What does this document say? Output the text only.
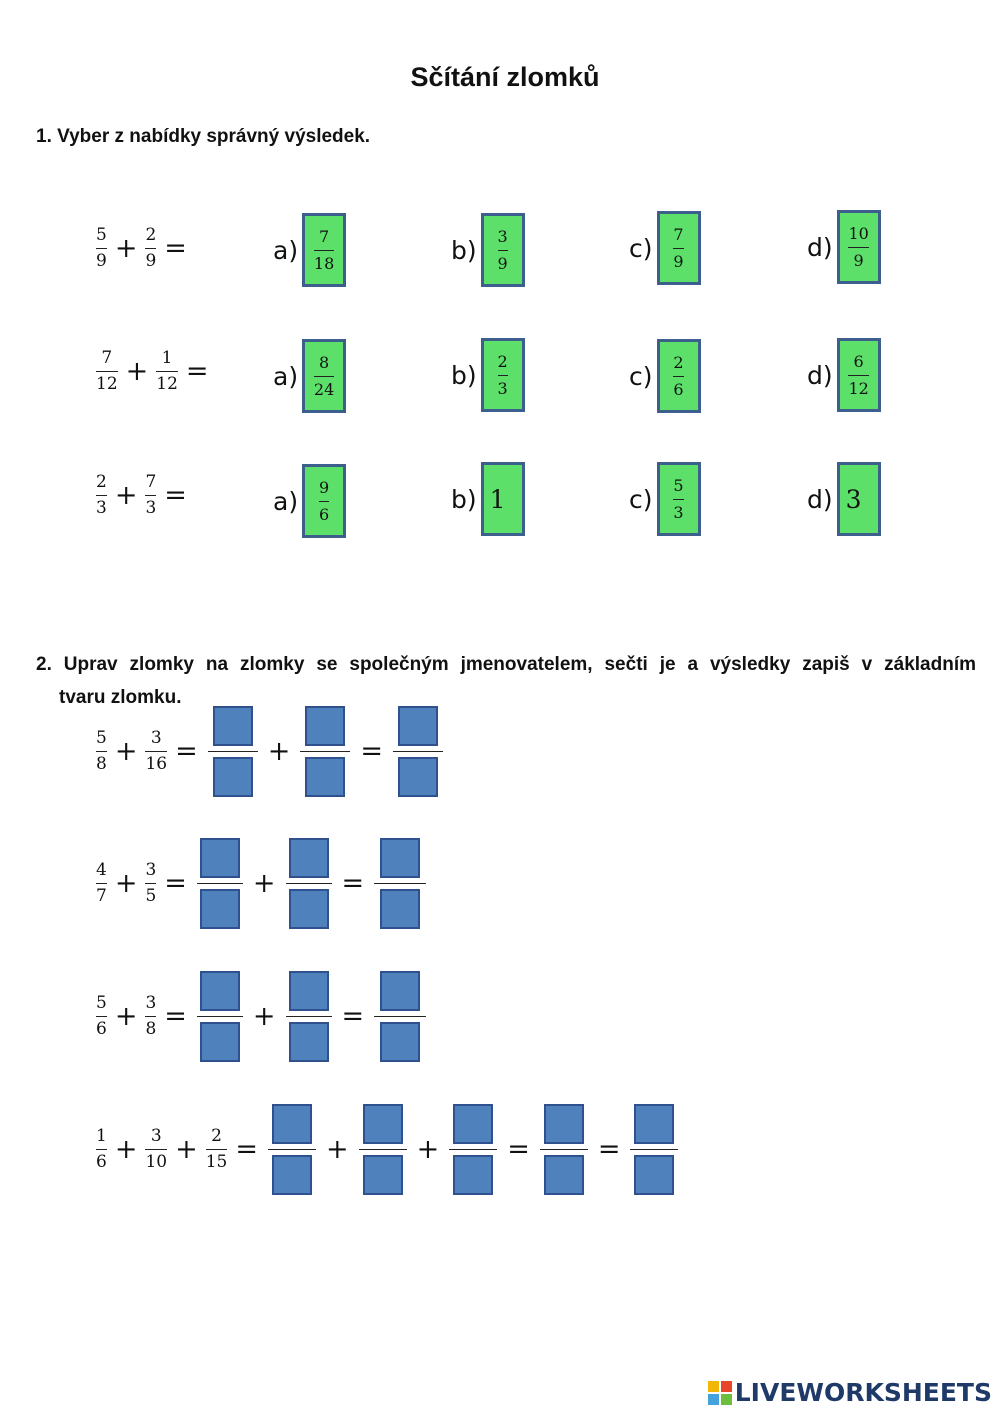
Sčítání zlomků
1. Vyber z nabídky správný výsledek.
$\frac{5}{9} + \frac{2}{9}$ =	$a) \frac{7}{18}$	$b) \frac{3}{9}$	$c) \frac{7}{9}$	$d) \frac{10}{9}$
$\frac{7}{12} + \frac{1}{12}$ =	$a) \frac{8}{24}$	$b) \frac{2}{3}$	$c) \frac{2}{6}$	$d) \frac{6}{12}$
$\frac{2}{3} + \frac{7}{3}$ =	$a) \frac{9}{6}$	b) 1	$c) \frac{5}{3}$	d) 3
2. Uprav zlomky na zlomky se společným jmenovatelem, sečti je a výsledky zapiš v základním
tvaru zlomku.
$\frac{5}{8} + \frac{3}{16}$ =	+	=
$\frac{4}{7} + \frac{3}{5}$ = + =
$\frac{5}{6} + \frac{3}{8}$ = + =
$\frac{1}{6} + \frac{3}{10} + \frac{2}{15}$ =	+	+	=	=
LIVEWORKSHEETS
